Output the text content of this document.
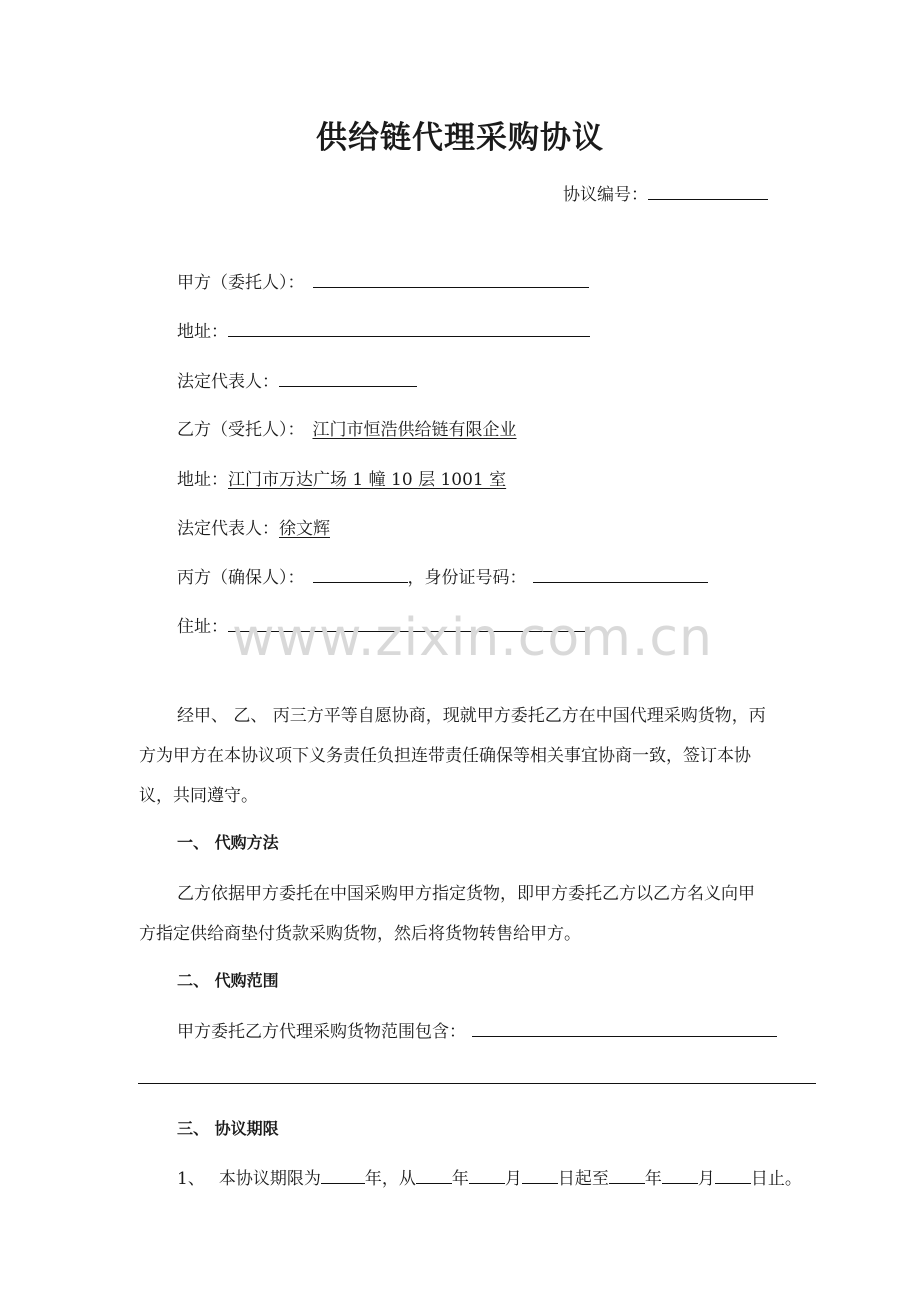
供给链代理采购协议
协议编号：
甲方（委托人）：
地址：
法定代表人：
乙方（受托人）： 江门市恒浩供给链有限企业
地址：江门市万达广场 1 幢 10 层 1001 室
法定代表人：徐文辉
丙方（确保人）：	，身份证号码：
住址： www.zixin.com.cn
经甲、 乙、 丙三方平等自愿协商，现就甲方委托乙方在中国代理采购货物，丙
方为甲方在本协议项下义务责任负担连带责任确保等相关事宜协商一致，签订本协
议，共同遵守。
一、 代购方法
乙方依据甲方委托在中国采购甲方指定货物，即甲方委托乙方以乙方名义向甲
方指定供给商垫付货款采购货物，然后将货物转售给甲方。
二、 代购范围
甲方委托乙方代理采购货物范围包含：
三、 协议期限
1、 本协议期限为	年，从 年 月 日起至 年 月 日止。
